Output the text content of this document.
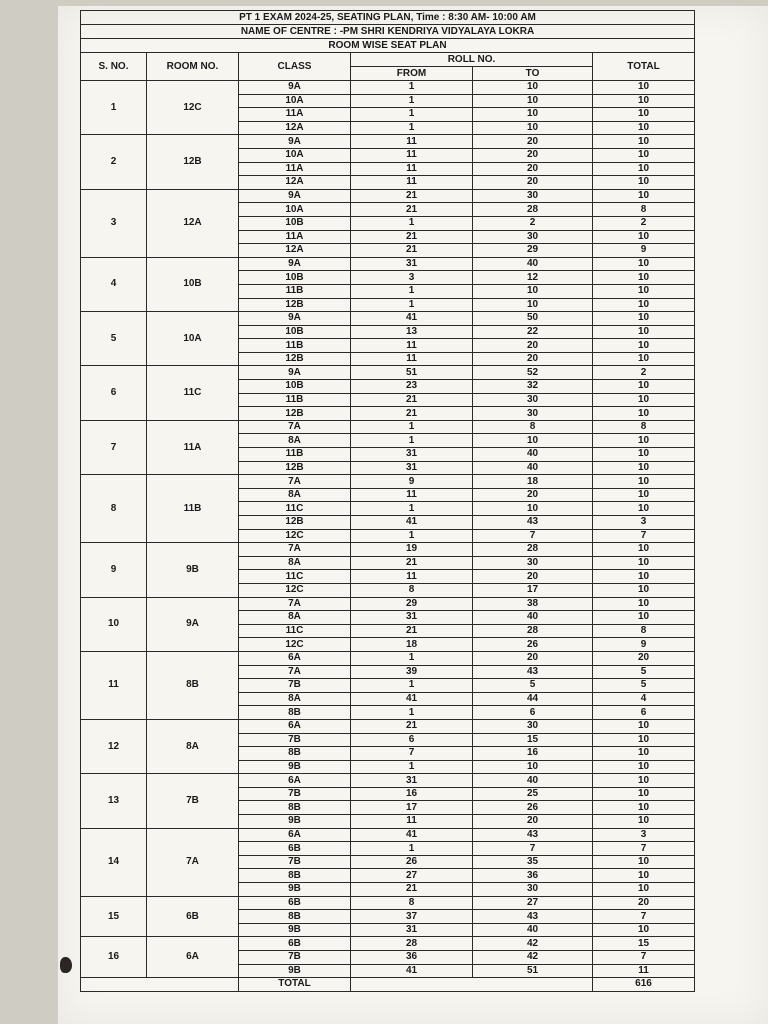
PT 1 EXAM 2024-25, SEATING PLAN, Time : 8:30 AM- 10:00 AM					
NAME OF CENTRE : -PM SHRI KENDRIYA VIDYALAYA LOKRA					
ROOM WISE SEAT PLAN					
S. NO.	ROOM NO.	CLASS	ROLL NO.		TOTAL
			FROM	TO	
1	12C	9A	1	10	10
		10A	1	10	10
		11A	1	10	10
		12A	1	10	10
2	12B	9A	11	20	10
		10A	11	20	10
		11A	11	20	10
		12A	11	20	10
3	12A	9A	21	30	10
		10A	21	28	8
		10B	1	2	2
		11A	21	30	10
		12A	21	29	9
4	10B	9A	31	40	10
		10B	3	12	10
		11B	1	10	10
		12B	1	10	10
5	10A	9A	41	50	10
		10B	13	22	10
		11B	11	20	10
		12B	11	20	10
6	11C	9A	51	52	2
		10B	23	32	10
		11B	21	30	10
		12B	21	30	10
7	11A	7A	1	8	8
		8A	1	10	10
		11B	31	40	10
		12B	31	40	10
8	11B	7A	9	18	10
		8A	11	20	10
		11C	1	10	10
		12B	41	43	3
		12C	1	7	7
9	9B	7A	19	28	10
		8A	21	30	10
		11C	11	20	10
		12C	8	17	10
10	9A	7A	29	38	10
		8A	31	40	10
		11C	21	28	8
		12C	18	26	9
11	8B	6A	1	20	20
		7A	39	43	5
		7B	1	5	5
		8A	41	44	4
		8B	1	6	6
12	8A	6A	21	30	10
		7B	6	15	10
		8B	7	16	10
		9B	1	10	10
13	7B	6A	31	40	10
		7B	16	25	10
		8B	17	26	10
		9B	11	20	10
14	7A	6A	41	43	3
		6B	1	7	7
		7B	26	35	10
		8B	27	36	10
		9B	21	30	10
15	6B	6B	8	27	20
		8B	37	43	7
		9B	31	40	10
16	6A	6B	28	42	15
		7B	36	42	7
		9B	41	51	11
		TOTAL			616
